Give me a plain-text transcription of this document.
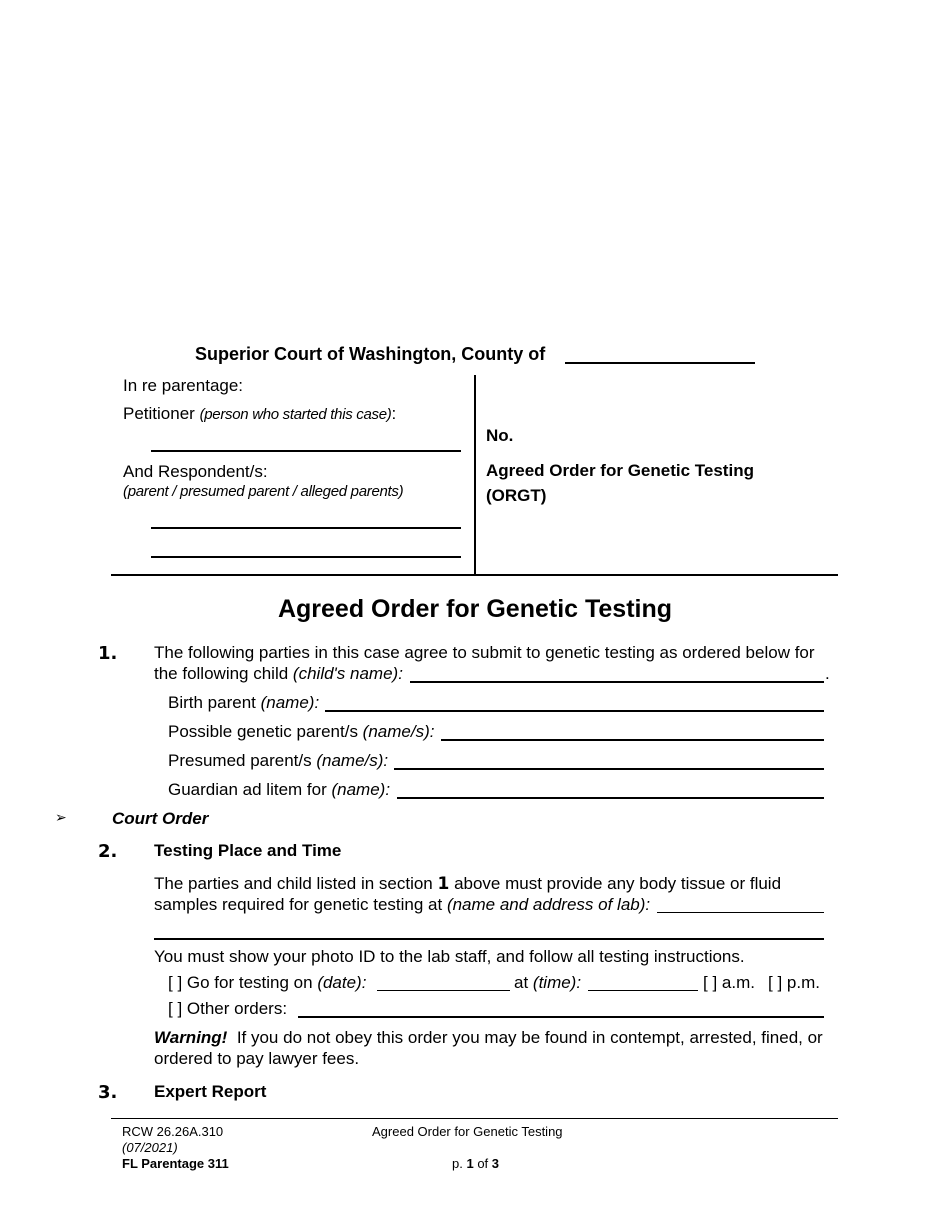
Superior Court of Washington, County of
In re parentage:
Petitioner (person who started this case):
And Respondent/s:
(parent / presumed parent / alleged parents)
No.
Agreed Order for Genetic Testing
(ORGT)
Agreed Order for Genetic Testing
1. The following parties in this case agree to submit to genetic testing as ordered below for
the following child (child's name):	.
Birth parent (name):
Possible genetic parent/s (name/s):
Presumed parent/s (name/s):
Guardian ad litem for (name):
➢	Court Order
2. Testing Place and Time
The parties and child listed in section 1 above must provide any body tissue or fluid samples required for genetic testing at (name and address of lab):
You must show your photo ID to the lab staff, and follow all testing instructions.
[ ] Go for testing on (date):	at (time):	[ ] a.m. [ ] p.m.
[ ] Other orders:
Warning! If you do not obey this order you may be found in contempt, arrested, fined, or ordered to pay lawyer fees.
3. Expert Report
RCW 26.26A.310
(07/2021)
FL Parentage 311
Agreed Order for Genetic Testing
p. 1 of 3
